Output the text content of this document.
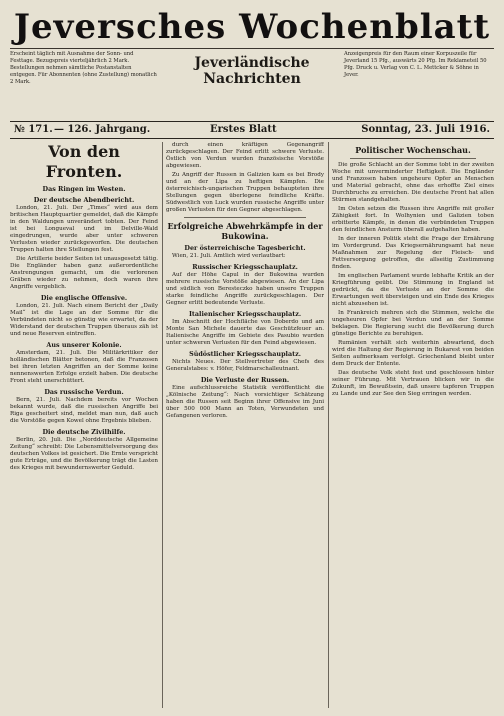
Jeversches Wochenblatt
Erscheint täglich mit Ausnahme der Sonn- und Festtage. Bezugspreis vierteljährlich 2 Mark. Bestellungen nehmen sämtliche Postanstalten entgegen. Für Abonnenten (ohne Zustellung) monatlich 2 Mark.
Jeverländische Nachrichten
Anzeigenpreis für den Raum einer Korpuszeile für Jeverland 15 Pfg., auswärts 20 Pfg. Im Reklameteil 50 Pfg. Druck u. Verlag von C. L. Mettcker & Söhne in Jever.
№ 171. — 126. Jahrgang.	Erstes Blatt	Sonntag, 23. Juli 1916.
Von den Fronten.
Das Ringen im Westen.
Der deutsche Abendbericht.

London, 21. Juli. Der „Times“ wird aus dem britischen Hauptquartier gemeldet, daß die Kämpfe in den Waldungen unverändert tobten. Der Feind ist bei Longueval und im Delville-Wald eingedrungen, wurde aber unter schweren Verlusten wieder zurückgeworfen. Die deutschen Truppen halten ihre Stellungen fest.

Die Artillerie beider Seiten ist unausgesetzt tätig. Die Engländer haben ganz außerordentliche Anstrengungen gemacht, um die verlorenen Gräben wieder zu nehmen, doch waren ihre Angriffe vergeblich.

Die englische Offensive.

London, 21. Juli. Nach einem Bericht der „Daily Mail“ ist die Lage an der Somme für die Verbündeten nicht so günstig wie erwartet, da der Widerstand der deutschen Truppen überaus zäh ist und neue Reserven eintreffen.

Aus unserer Kolonie.

Amsterdam, 21. Juli. Die Militärkritiker der holländischen Blätter betonen, daß die Franzosen bei ihren letzten Angriffen an der Somme keine nennenswerten Erfolge erzielt haben. Die deutsche Front steht unerschüttert.

Das russische Verdun.

Bern, 21. Juli. Nachdem bereits vor Wochen bekannt wurde, daß die russischen Angriffe bei Riga gescheitert sind, meldet man nun, daß auch die Vorstöße gegen Kowel ohne Ergebnis blieben.

Die deutsche Zivilhilfe.

Berlin, 20. Juli. Die „Norddeutsche Allgemeine Zeitung“ schreibt: Die Lebensmittelversorgung des deutschen Volkes ist gesichert. Die Ernte verspricht gute Erträge, und die Bevölkerung trägt die Lasten des Krieges mit bewundernswerter Geduld.

durch einen kräftigen Gegenangriff zurückgeschlagen. Der Feind erlitt schwere Verluste. Östlich von Verdun wurden französische Vorstöße abgewiesen.

Zu Angriff der Russen in Galizien kam es bei Brody und an der Lipa zu heftigen Kämpfen. Die österreichisch-ungarischen Truppen behaupteten ihre Stellungen gegen überlegene feindliche Kräfte. Südwestlich von Luck wurden russische Angriffe unter großen Verlusten für den Gegner abgeschlagen.

Erfolgreiche Abwehrkämpfe in der Bukowina.
Der österreichische Tagesbericht.

Wien, 21. Juli. Amtlich wird verlautbart:

Russischer Kriegsschauplatz.

Auf der Höhe Capul in der Bukowina wurden mehrere russische Vorstöße abgewiesen. An der Lipa und südlich von Beresteczko haben unsere Truppen starke feindliche Angriffe zurückgeschlagen. Der Gegner erlitt bedeutende Verluste.

Italienischer Kriegsschauplatz.

Im Abschnitt der Hochfläche von Doberdo und am Monte San Michele dauerte das Geschützfeuer an. Italienische Angriffe im Gebiete des Pasubio wurden unter schweren Verlusten für den Feind abgewiesen.

Südöstlicher Kriegsschauplatz.

Nichts Neues. Der Stellvertreter des Chefs des Generalstabes: v. Höfer, Feldmarschalleutnant.

Die Verluste der Russen.

Eine aufschlussreiche Statistik veröffentlicht die „Kölnische Zeitung“: Nach vorsichtiger Schätzung haben die Russen seit Beginn ihrer Offensive im Juni über 500 000 Mann an Toten, Verwundeten und Gefangenen verloren.

Politischer Wochenschau.

Die große Schlacht an der Somme tobt in der zweiten Woche mit unverminderter Heftigkeit. Die Engländer und Franzosen haben ungeheure Opfer an Menschen und Material gebracht, ohne das erhoffte Ziel eines Durchbruchs zu erreichen. Die deutsche Front hat allen Stürmen standgehalten.

Im Osten setzen die Russen ihre Angriffe mit großer Zähigkeit fort. In Wolhynien und Galizien toben erbitterte Kämpfe, in denen die verbündeten Truppen den feindlichen Ansturm überall aufgehalten haben.

In der inneren Politik steht die Frage der Ernährung im Vordergrund. Das Kriegsernährungsamt hat neue Maßnahmen zur Regelung der Fleisch- und Fettversorgung getroffen, die allseitig Zustimmung finden.

Im englischen Parlament wurde lebhafte Kritik an der Kriegführung geübt. Die Stimmung in England ist gedrückt, da die Verluste an der Somme die Erwartungen weit übersteigen und ein Ende des Krieges nicht abzusehen ist.

In Frankreich mehren sich die Stimmen, welche die ungeheuren Opfer bei Verdun und an der Somme beklagen. Die Regierung sucht die Bevölkerung durch günstige Berichte zu beruhigen.

Rumänien verhält sich weiterhin abwartend, doch wird die Haltung der Regierung in Bukarest von beiden Seiten aufmerksam verfolgt. Griechenland bleibt unter dem Druck der Entente.

Das deutsche Volk steht fest und geschlossen hinter seiner Führung. Mit Vertrauen blicken wir in die Zukunft, im Bewußtsein, daß unsere tapferen Truppen zu Lande und zur See den Sieg erringen werden.
